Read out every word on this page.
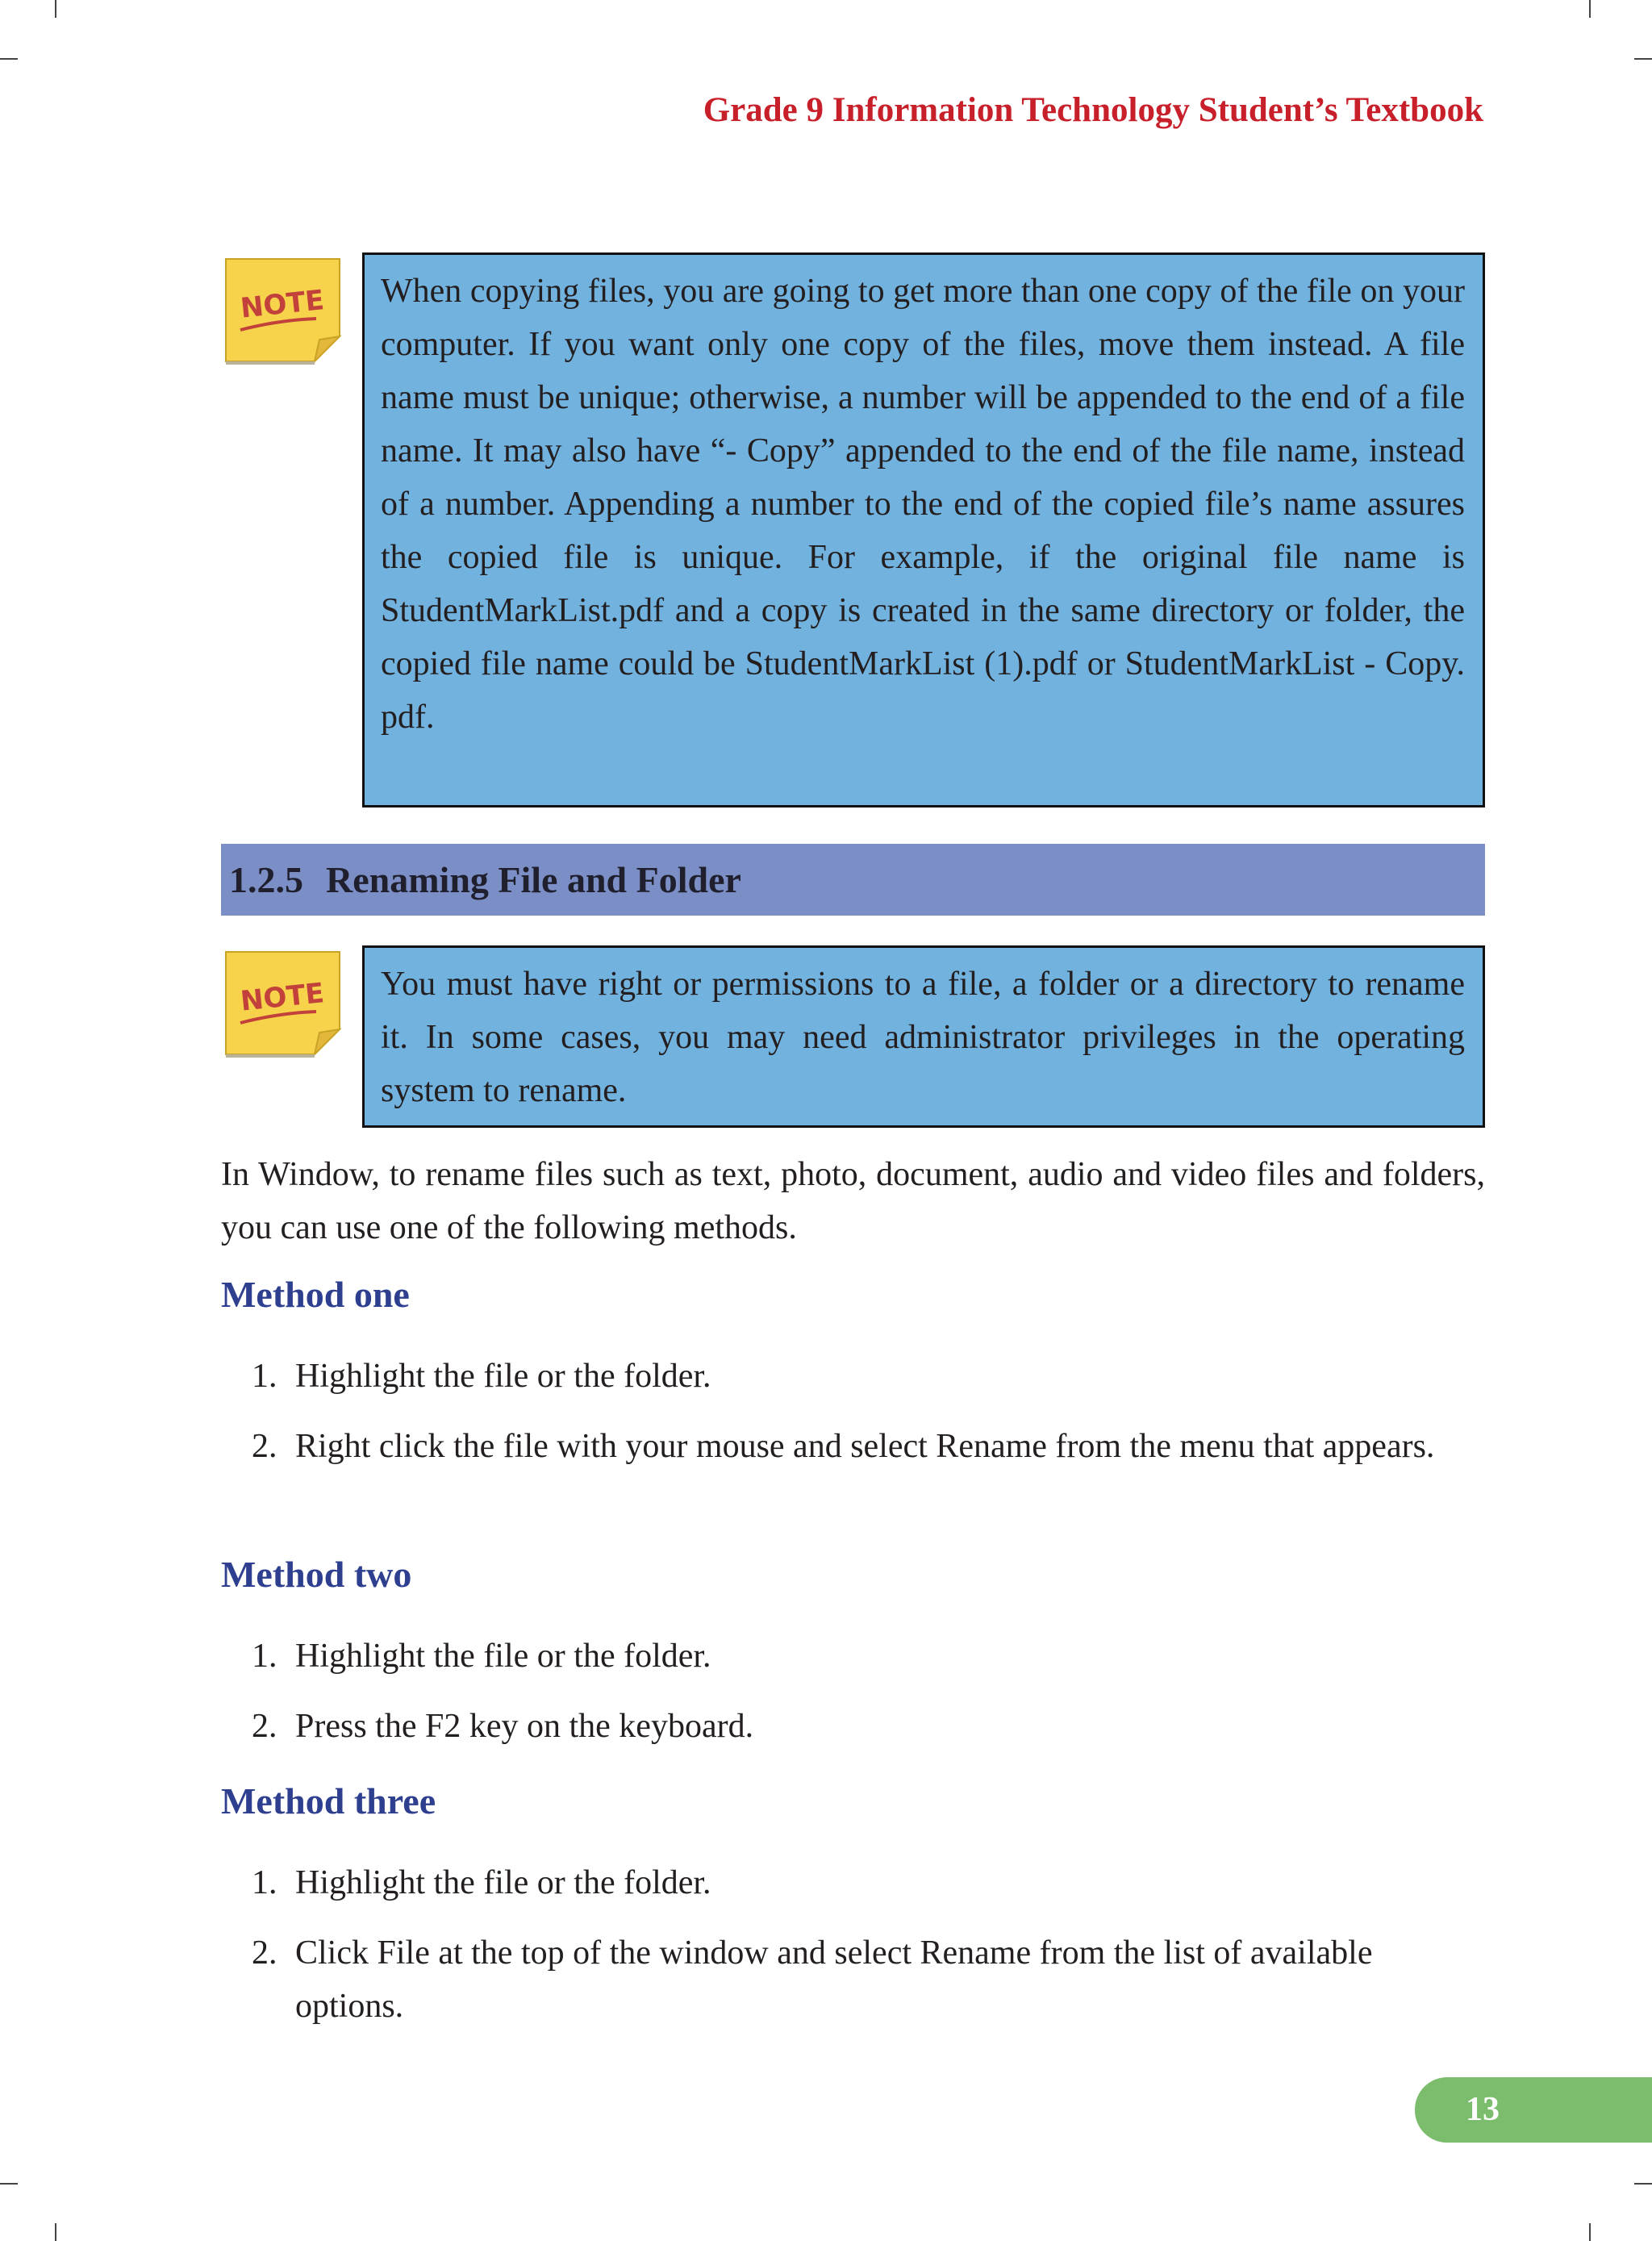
Grade 9 Information Technology Student’s Textbook
NOTE	When copying files, you are going to get more than one copy of the file on your computer. If you want only one copy of the files, move them instead. A file name must be unique; otherwise, a number will be appended to the end of a file name. It may also have “- Copy” appended to the end of the file name, instead of a number. Appending a number to the end of the copied file’s name assures the copied file is unique. For example, if the original file name is StudentMarkList.pdf and a copy is created in the same directory or folder, the copied file name could be StudentMarkList (1).pdf or StudentMarkList - Copy. pdf.
1.2.5 Renaming File and Folder
NOTE	You must have right or permissions to a file, a folder or a directory to rename it. In some cases, you may need administrator privileges in the operating system to rename.
In Window, to rename files such as text, photo, document, audio and video files and folders, you can use one of the following methods.
Method one
1. Highlight the file or the folder.
2. Right click the file with your mouse and select Rename from the menu that appears.
Method two
1. Highlight the file or the folder.
2. Press the F2 key on the keyboard.
Method three
1. Highlight the file or the folder.
2. Click File at the top of the window and select Rename from the list of available options.
13
